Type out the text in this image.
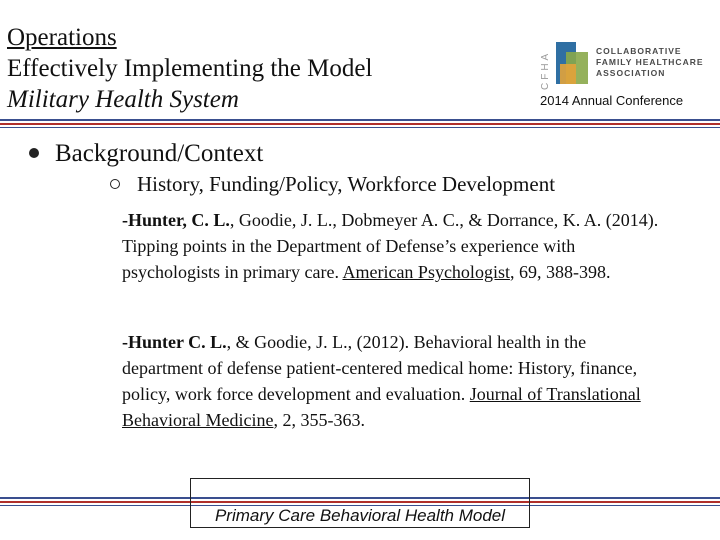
Operations
Effectively Implementing the Model
Military Health System
CFHA	COLLABORATIVE
FAMILY HEALTHCARE
ASSOCIATION
2014 Annual Conference
Background/Context
History, Funding/Policy, Workforce Development
-Hunter, C. L., Goodie, J. L., Dobmeyer A. C., & Dorrance, K. A. (2014). Tipping points in the Department of Defense’s experience with psychologists in primary care. American Psychologist, 69, 388-398.
-Hunter C. L., & Goodie, J. L., (2012). Behavioral health in the department of defense patient-centered medical home: History, finance, policy, work force development and evaluation. Journal of Translational Behavioral Medicine, 2, 355-363.
Primary Care Behavioral Health Model
